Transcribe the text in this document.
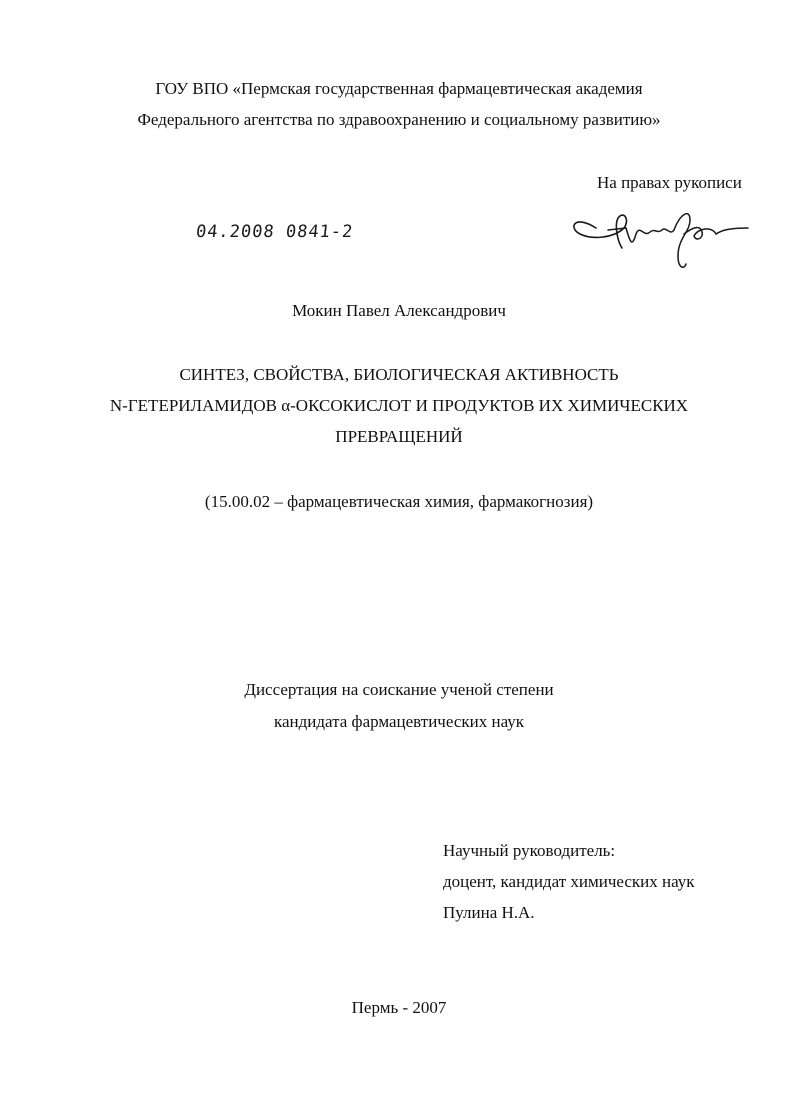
ГОУ ВПО «Пермская государственная фармацевтическая академия
Федерального агентства по здравоохранению и социальному развитию»
На правах рукописи
04.2008 0841-2
Мокин Павел Александрович
СИНТЕЗ, СВОЙСТВА, БИОЛОГИЧЕСКАЯ АКТИВНОСТЬ
N-ГЕТЕРИЛАМИДОВ α-ОКСОКИСЛОТ И ПРОДУКТОВ ИХ ХИМИЧЕСКИХ
ПРЕВРАЩЕНИЙ
(15.00.02 – фармацевтическая химия, фармакогнозия)
Диссертация на соискание ученой степени
кандидата фармацевтических наук
Научный руководитель:
доцент, кандидат химических наук
Пулина Н.А.
Пермь - 2007
